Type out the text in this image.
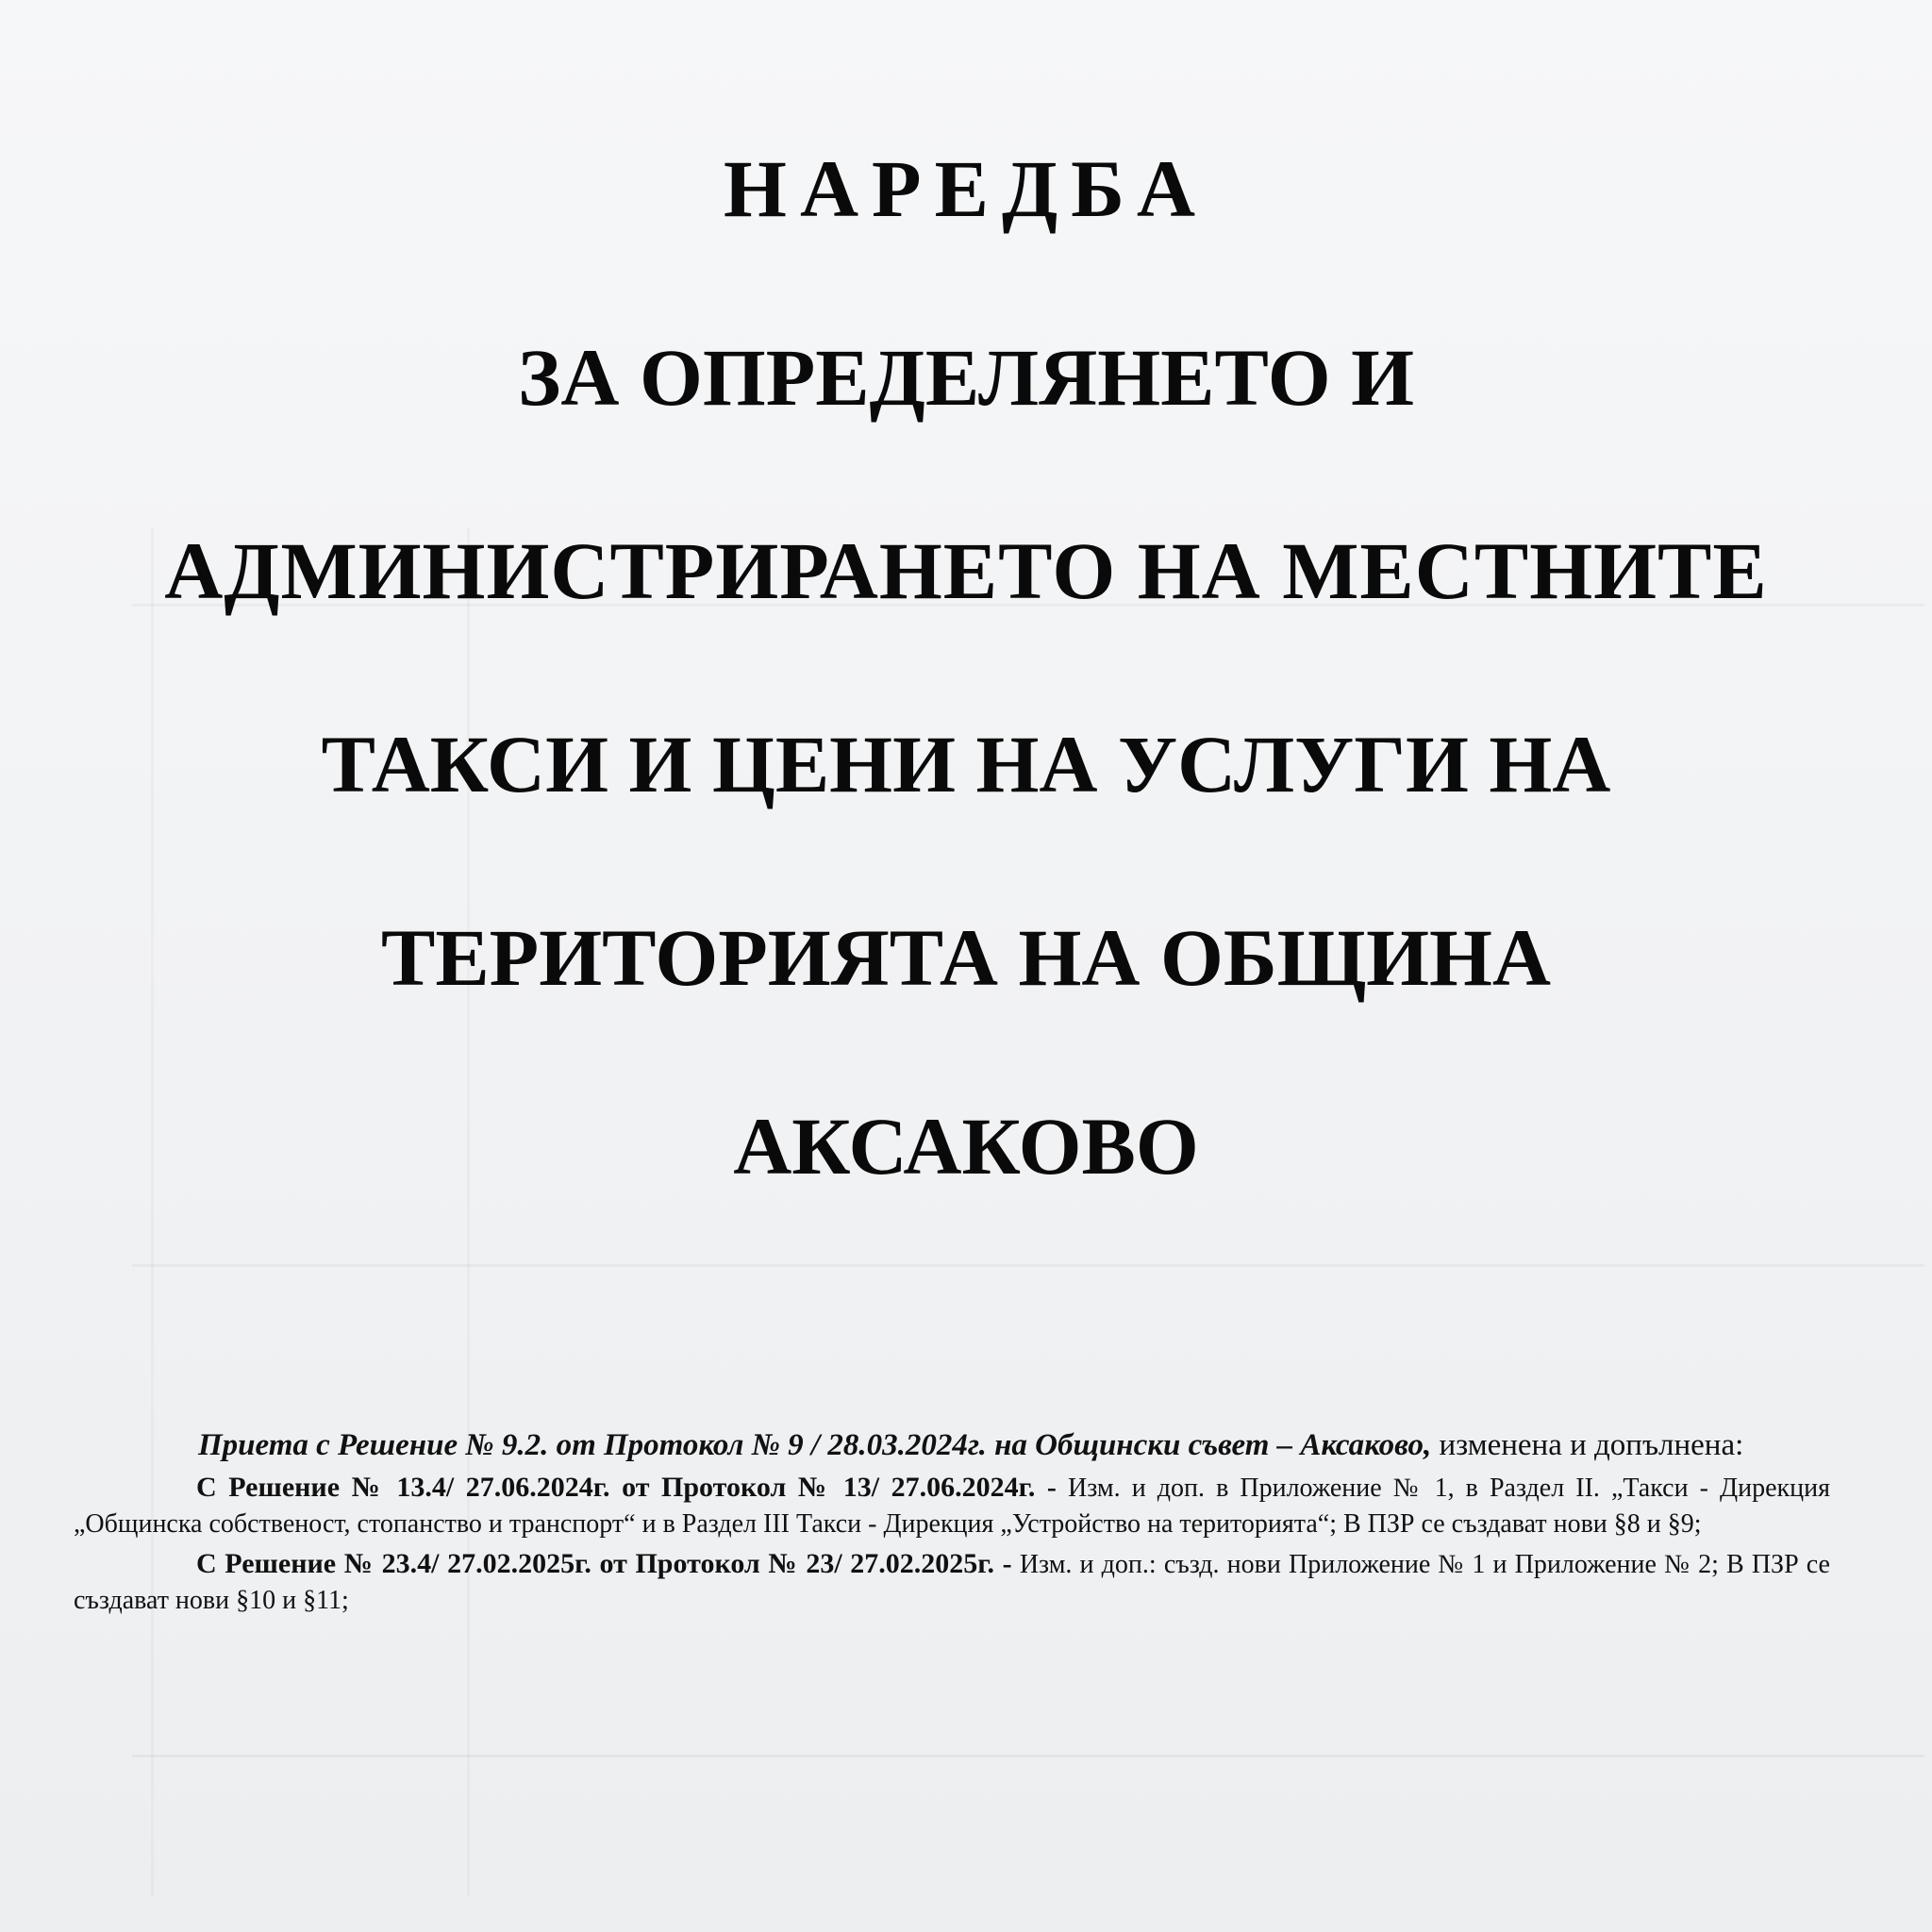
НАРЕДБА
ЗА ОПРЕДЕЛЯНЕТО И
АДМИНИСТРИРАНЕТО НА МЕСТНИТЕ
ТАКСИ И ЦЕНИ НА УСЛУГИ НА
ТЕРИТОРИЯТА НА ОБЩИНА
АКСАКОВО

Приета с Решение № 9.2. от Протокол № 9 / 28.03.2024г. на Общински съвет – Аксаково, изменена и допълнена:

С Решение № 13.4/ 27.06.2024г. от Протокол № 13/ 27.06.2024г. - Изм. и доп. в Приложение № 1, в Раздел II. „Такси - Дирекция „Общинска собственост, стопанство и транспорт“ и в Раздел III Такси - Дирекция „Устройство на територията“; В ПЗР се създават нови §8 и §9;

С Решение № 23.4/ 27.02.2025г. от Протокол № 23/ 27.02.2025г. - Изм. и доп.: създ. нови Приложение № 1 и Приложение № 2; В ПЗР се създават нови §10 и §11;
